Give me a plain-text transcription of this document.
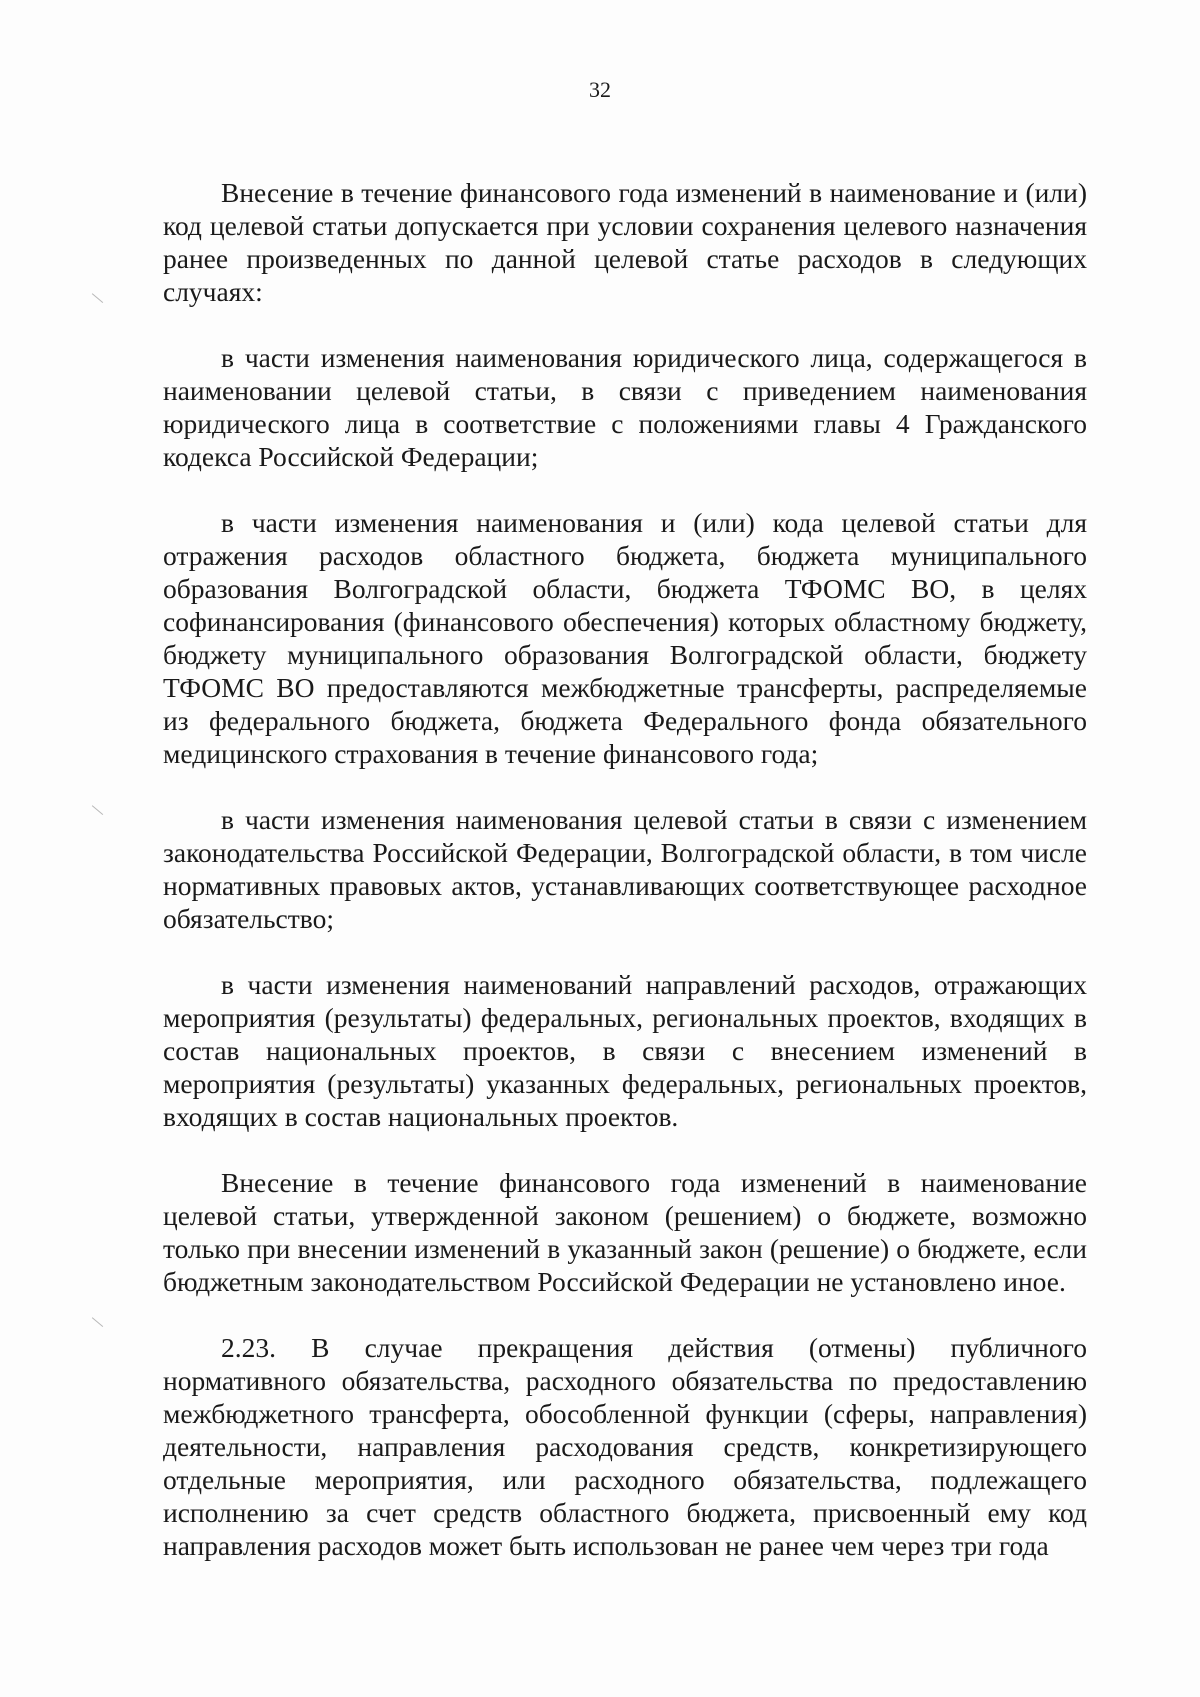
32

Внесение в течение финансового года изменений в наименование и (или) код целевой статьи допускается при условии сохранения целевого назначения ранее произведенных по данной целевой статье расходов в следующих случаях:

в части изменения наименования юридического лица, содержащегося в наименовании целевой статьи, в связи с приведением наименования юридического лица в соответствие с положениями главы 4 Гражданского кодекса Российской Федерации;

в части изменения наименования и (или) кода целевой статьи для отражения расходов областного бюджета, бюджета муниципального образования Волгоградской области, бюджета ТФОМС ВО, в целях софинансирования (финансового обеспечения) которых областному бюджету, бюджету муниципального образования Волгоградской области, бюджету ТФОМС ВО предоставляются межбюджетные трансферты, распределяемые из федерального бюджета, бюджета Федерального фонда обязательного медицинского страхования в течение финансового года;

в части изменения наименования целевой статьи в связи с изменением законодательства Российской Федерации, Волгоградской области, в том числе нормативных правовых актов, устанавливающих соответствующее расходное обязательство;

в части изменения наименований направлений расходов, отражающих мероприятия (результаты) федеральных, региональных проектов, входящих в состав национальных проектов, в связи с внесением изменений в мероприятия (результаты) указанных федеральных, региональных проектов, входящих в состав национальных проектов.

Внесение в течение финансового года изменений в наименование целевой статьи, утвержденной законом (решением) о бюджете, возможно только при внесении изменений в указанный закон (решение) о бюджете, если бюджетным законодательством Российской Федерации не установлено иное.

2.23. В случае прекращения действия (отмены) публичного нормативного обязательства, расходного обязательства по предоставлению межбюджетного трансферта, обособленной функции (сферы, направления) деятельности, направления расходования средств, конкретизирующего отдельные мероприятия, или расходного обязательства, подлежащего исполнению за счет средств областного бюджета, присвоенный ему код направления расходов может быть использован не ранее чем через три года
